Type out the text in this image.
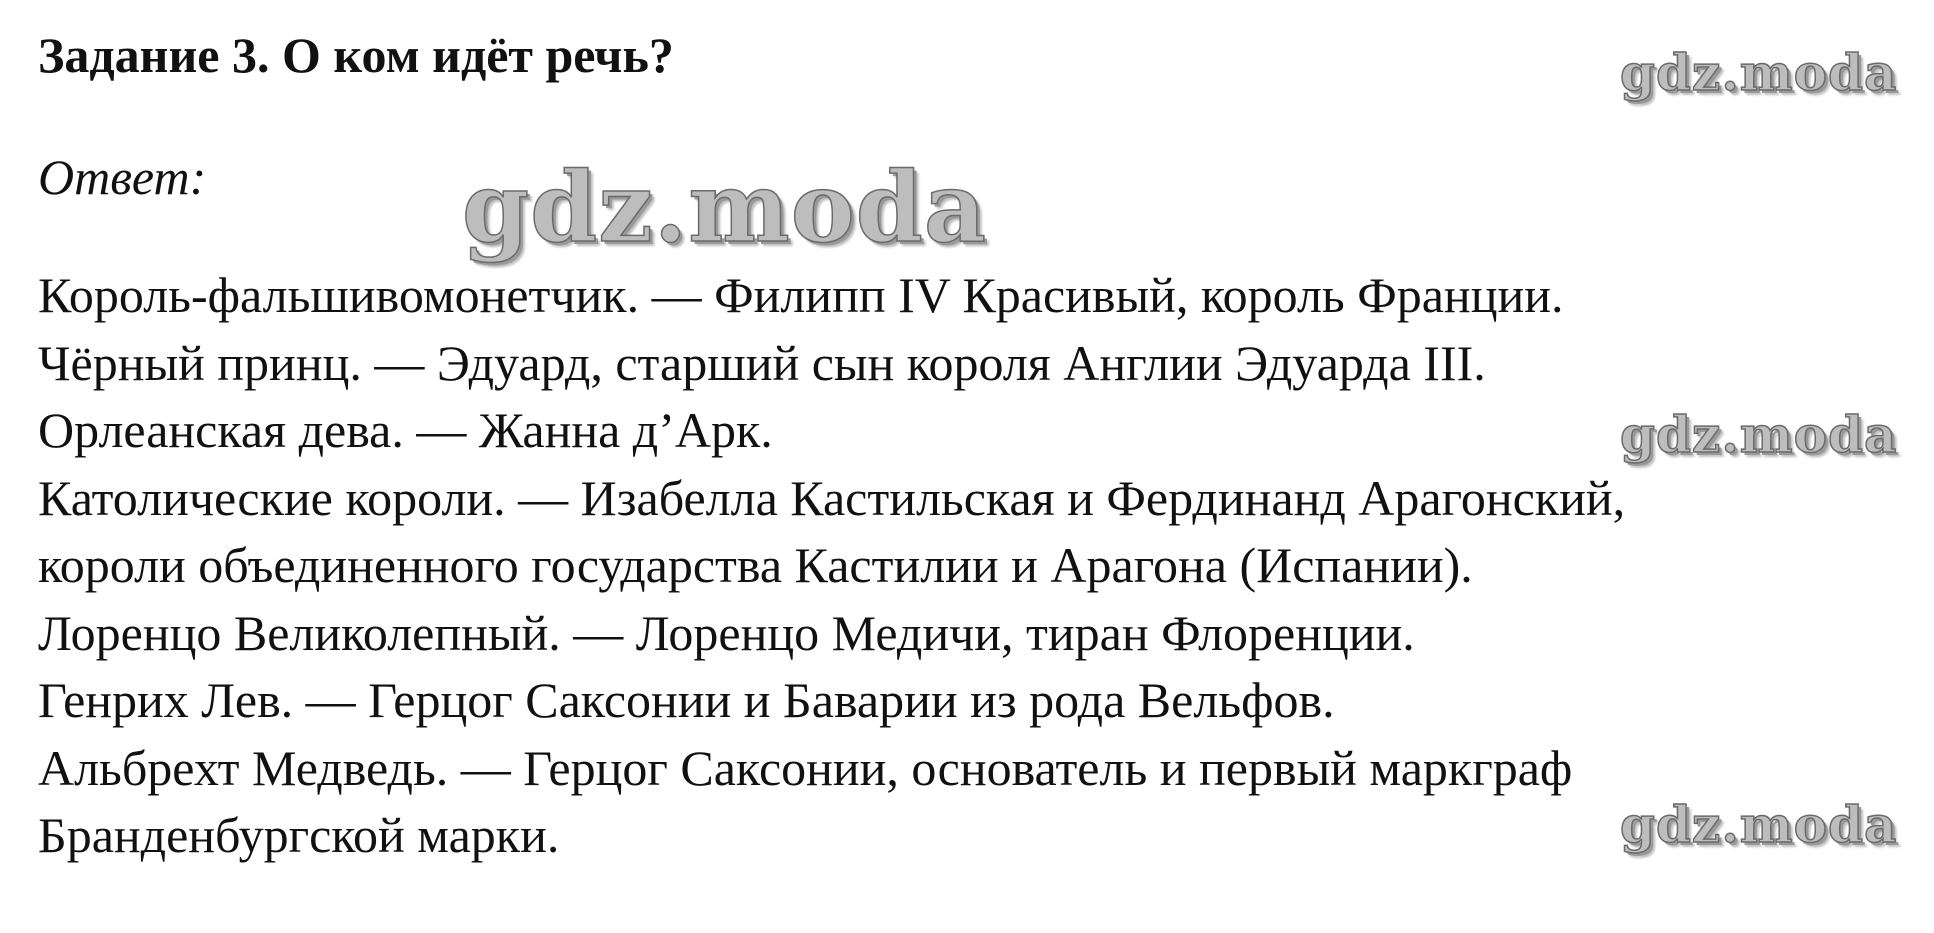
Задание 3. О ком идёт речь?	gdz.moda
Ответ:	gdz.moda
Король-фальшивомонетчик. — Филипп IV Красивый, король Франции.
Чёрный принц. — Эдуард, старший сын короля Англии Эдуарда III.
Орлеанская дева. — Жанна д’Арк.
Католические короли. — Изабелла Кастильская и Фердинанд Арагонский,
короли объединенного государства Кастилии и Арагона (Испании).
Лоренцо Великолепный. — Лоренцо Медичи, тиран Флоренции.
Генрих Лев. — Герцог Саксонии и Баварии из рода Вельфов.
Альбрехт Медведь. — Герцог Саксонии, основатель и первый маркграф
Бранденбургской марки.
gdz.moda
gdz.moda
